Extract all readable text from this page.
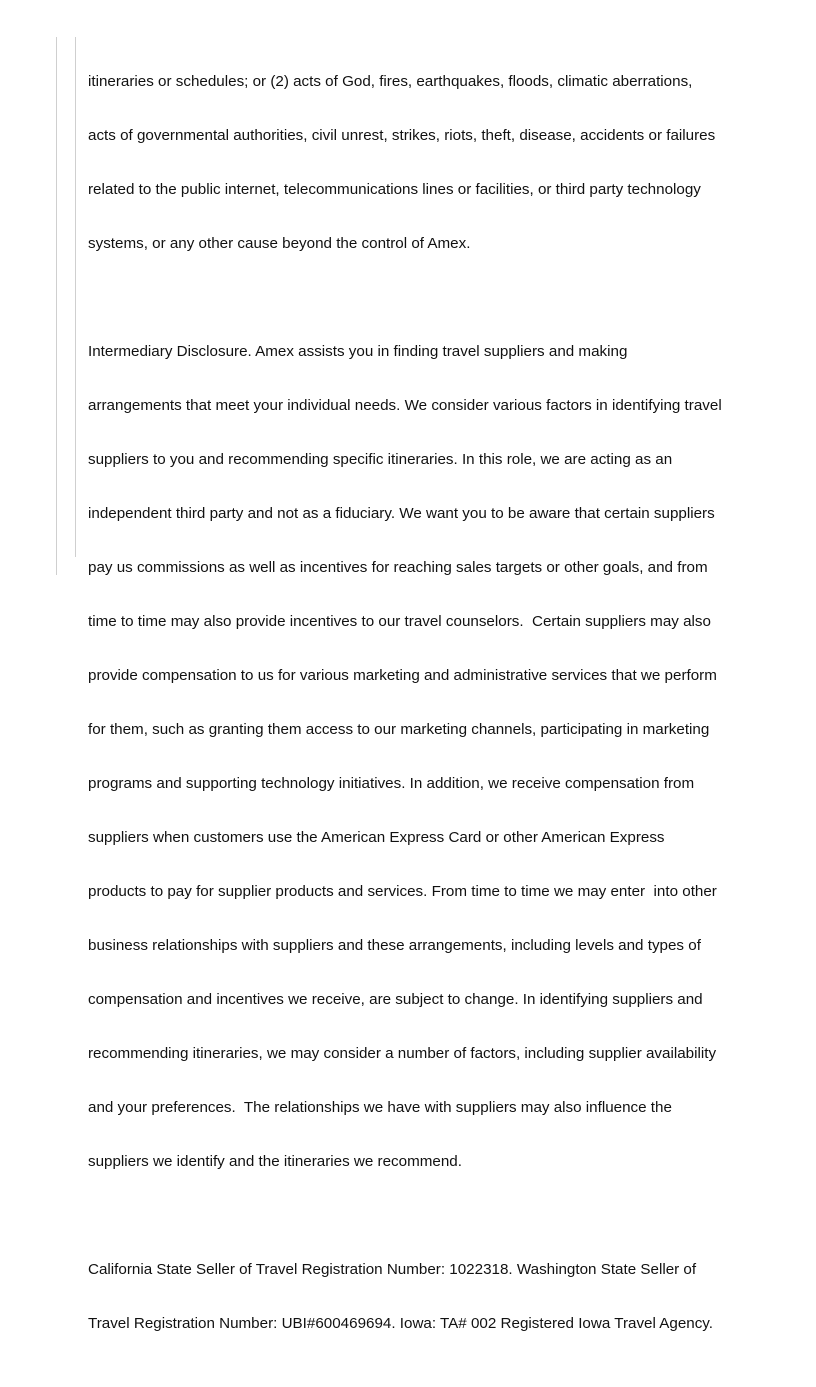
itineraries or schedules; or (2) acts of God, fires, earthquakes, floods, climatic aberrations,

acts of governmental authorities, civil unrest, strikes, riots, theft, disease, accidents or failures

related to the public internet, telecommunications lines or facilities, or third party technology

systems, or any other cause beyond the control of Amex.

Intermediary Disclosure. Amex assists you in finding travel suppliers and making

arrangements that meet your individual needs. We consider various factors in identifying travel

suppliers to you and recommending specific itineraries. In this role, we are acting as an

independent third party and not as a fiduciary. We want you to be aware that certain suppliers

pay us commissions as well as incentives for reaching sales targets or other goals, and from

time to time may also provide incentives to our travel counselors.  Certain suppliers may also

provide compensation to us for various marketing and administrative services that we perform

for them, such as granting them access to our marketing channels, participating in marketing

programs and supporting technology initiatives. In addition, we receive compensation from

suppliers when customers use the American Express Card or other American Express

products to pay for supplier products and services. From time to time we may enter  into other

business relationships with suppliers and these arrangements, including levels and types of

compensation and incentives we receive, are subject to change. In identifying suppliers and

recommending itineraries, we may consider a number of factors, including supplier availability

and your preferences.  The relationships we have with suppliers may also influence the

suppliers we identify and the itineraries we recommend.

California State Seller of Travel Registration Number: 1022318. Washington State Seller of

Travel Registration Number: UBI#600469694. Iowa: TA# 002 Registered Iowa Travel Agency.
